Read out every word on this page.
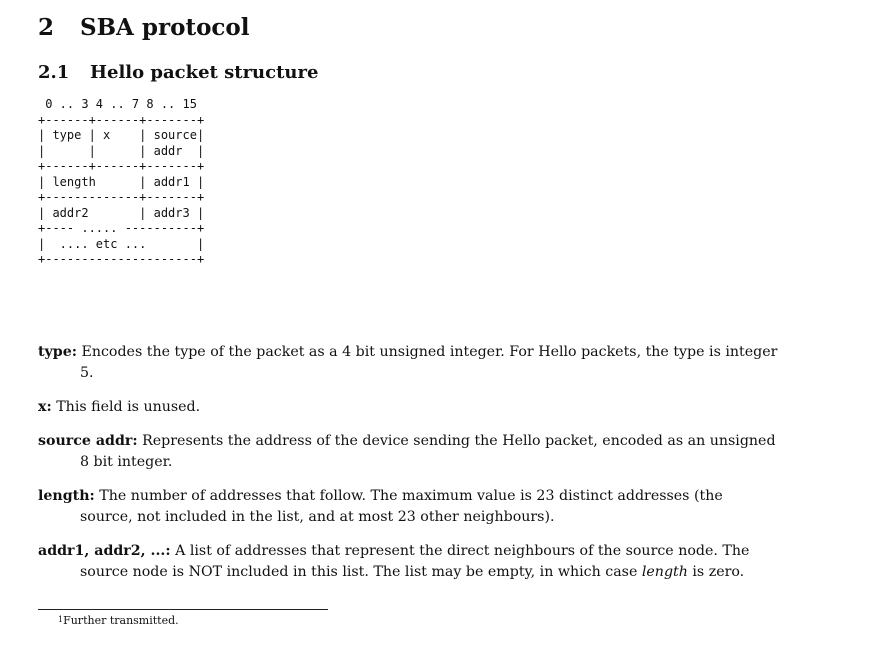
2 SBA protocol
2.1 Hello packet structure
0 .. 3 4 .. 7 8 .. 15
+------+------+-------+
| type | x    | source|
|      |      | addr  |
+------+------+-------+
| length      | addr1 |
+-------------+-------+
| addr2       | addr3 |
+---- ..... ----------+
|  .... etc ...       |
+---------------------+

type: Encodes the type of the packet as a 4 bit unsigned integer. For Hello packets, the type is integer 5.

x: This field is unused.

source addr: Represents the address of the device sending the Hello packet, encoded as an unsigned 8 bit integer.

length: The number of addresses that follow. The maximum value is 23 distinct addresses (the source, not included in the list, and at most 23 other neighbours).

addr1, addr2, ...: A list of addresses that represent the direct neighbours of the source node. The source node is NOT included in this list. The list may be empty, in which case length is zero.

$^1$Further transmitted.
